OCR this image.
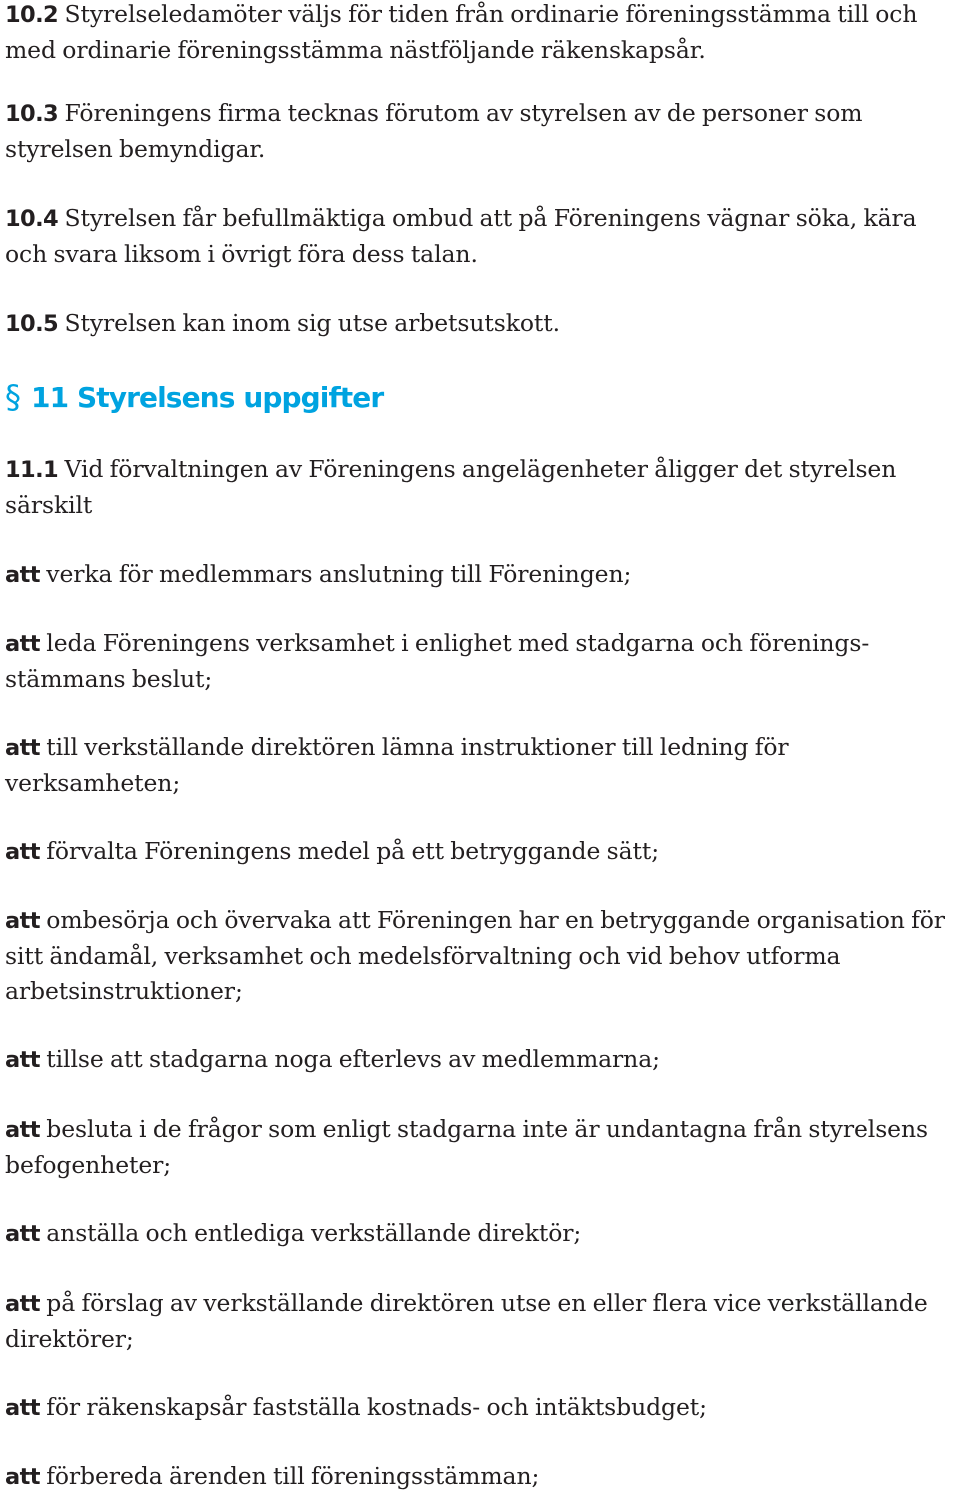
10.2 Styrelseledamöter väljs för tiden från ordinarie föreningsstämma till och med ordinarie föreningsstämma nästföljande räkenskapsår.

10.3 Föreningens firma tecknas förutom av styrelsen av de personer som styrelsen bemyndigar.

10.4 Styrelsen får befullmäktiga ombud att på Föreningens vägnar söka, kära och svara liksom i övrigt föra dess talan.

10.5 Styrelsen kan inom sig utse arbetsutskott.

§ 11 Styrelsens uppgifter

11.1 Vid förvaltningen av Föreningens angelägenheter åligger det styrelsen särskilt

att verka för medlemmars anslutning till Föreningen;

att leda Föreningens verksamhet i enlighet med stadgarna och förenings- stämmans beslut;

att till verkställande direktören lämna instruktioner till ledning för verksamheten;

att förvalta Föreningens medel på ett betryggande sätt;

att ombesörja och övervaka att Föreningen har en betryggande organisation för sitt ändamål, verksamhet och medelsförvaltning och vid behov utforma arbetsinstruktioner;

att tillse att stadgarna noga efterlevs av medlemmarna;

att besluta i de frågor som enligt stadgarna inte är undantagna från styrelsens befogenheter;

att anställa och entlediga verkställande direktör;

att på förslag av verkställande direktören utse en eller flera vice verkställande direktörer;

att för räkenskapsår fastställa kostnads- och intäktsbudget;

att förbereda ärenden till föreningsstämman;
